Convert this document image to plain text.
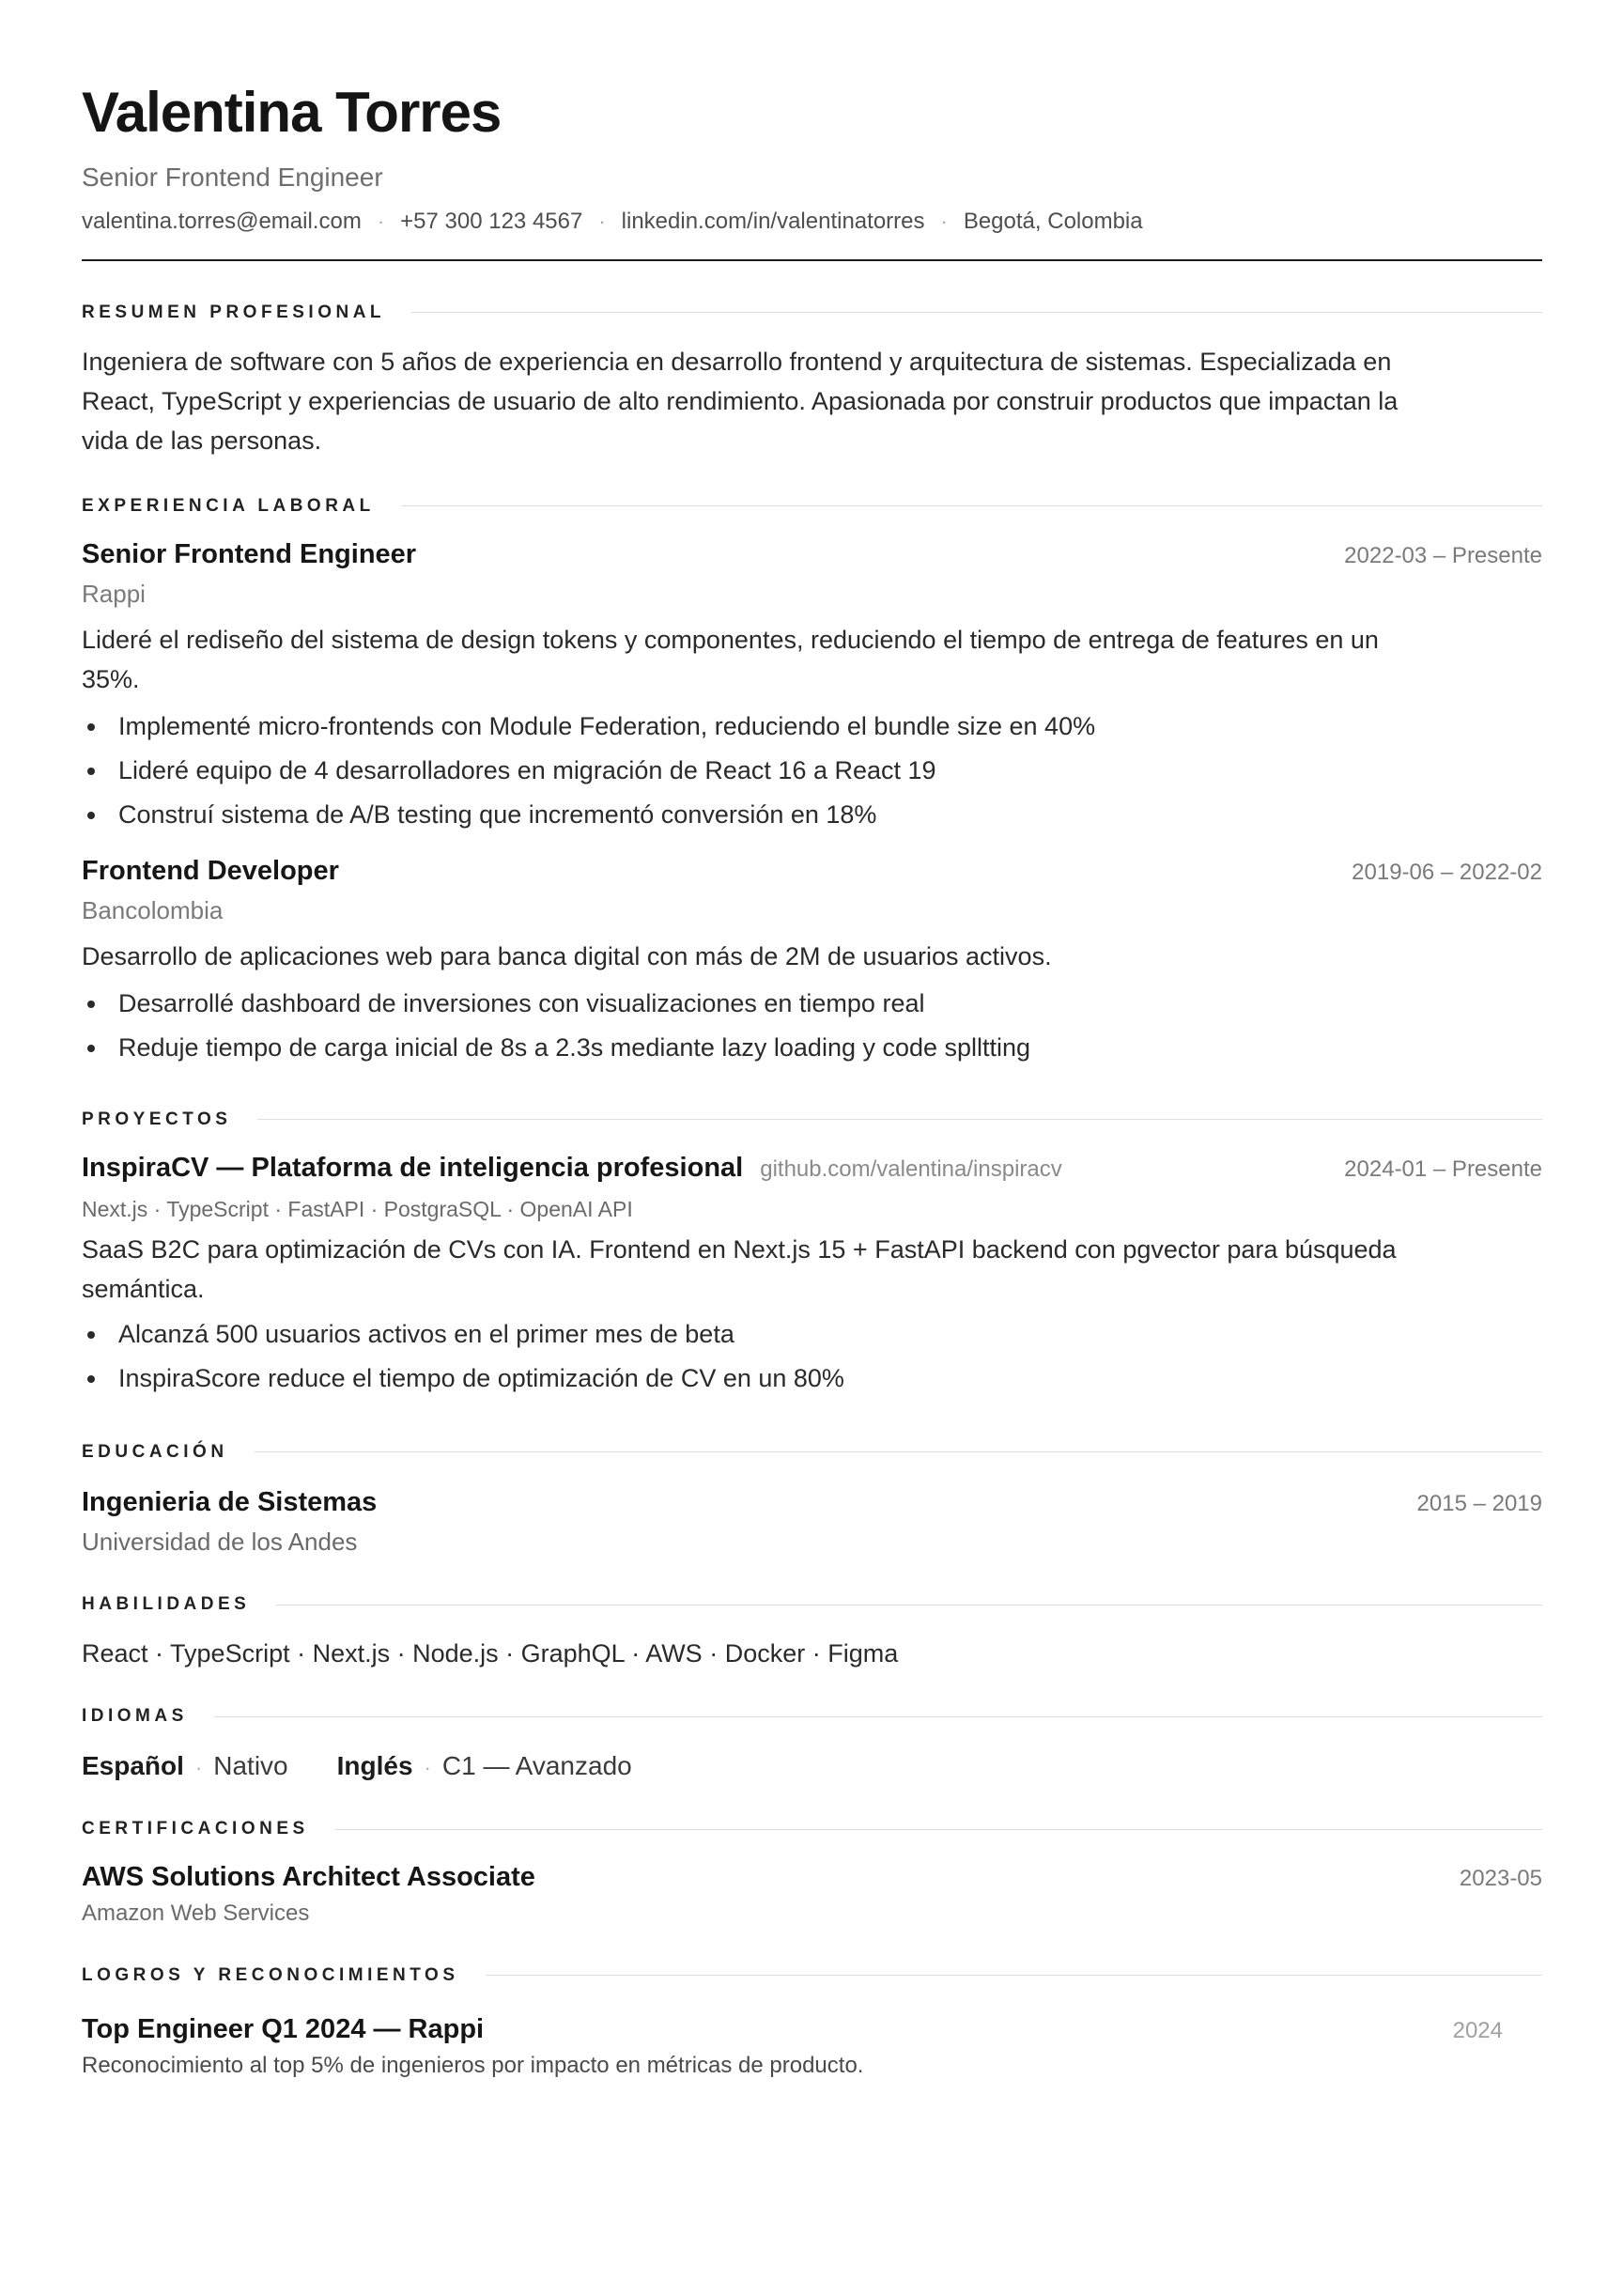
Valentina Torres
Senior Frontend Engineer
valentina.torres@email.com · +57 300 123 4567 · linkedin.com/in/valentinatorres · Begotá, Colombia
RESUMEN PROFESIONAL
Ingeniera de software con 5 años de experiencia en desarrollo frontend y arquitectura de sistemas. Especializada en
React, TypeScript y experiencias de usuario de alto rendimiento. Apasionada por construir productos que impactan la
vida de las personas.
EXPERIENCIA LABORAL
Senior Frontend Engineer	2022-03 – Presente
Rappi
Lideré el rediseño del sistema de design tokens y componentes, reduciendo el tiempo de entrega de features en un
35%.
Implementé micro-frontends con Module Federation, reduciendo el bundle size en 40%
Lideré equipo de 4 desarrolladores en migración de React 16 a React 19
Construí sistema de A/B testing que incrementó conversión en 18%
Frontend Developer	2019-06 – 2022-02
Bancolombia
Desarrollo de aplicaciones web para banca digital con más de 2M de usuarios activos.
Desarrollé dashboard de inversiones con visualizaciones en tiempo real
Reduje tiempo de carga inicial de 8s a 2.3s mediante lazy loading y code splltting
PROYECTOS
InspiraCV — Plataforma de inteligencia profesional github.com/valentina/inspiracv	2024-01 – Presente
Next.js · TypeScript · FastAPI · PostgraSQL · OpenAI API
SaaS B2C para optimización de CVs con IA. Frontend en Next.js 15 + FastAPI backend con pgvector para búsqueda
semántica.
Alcanzá 500 usuarios activos en el primer mes de beta
InspiraScore reduce el tiempo de optimización de CV en un 80%
EDUCACIÓN
Ingenieria de Sistemas	2015 – 2019
Universidad de los Andes
HABILIDADES
React · TypeScript · Next.js · Node.js · GraphQL · AWS · Docker · Figma
IDIOMAS
Español · Nativo Inglés · C1 — Avanzado
CERTIFICACIONES
AWS Solutions Architect Associate	2023-05
Amazon Web Services
LOGROS Y RECONOCIMIENTOS
Top Engineer Q1 2024 — Rappi	2024
Reconocimiento al top 5% de ingenieros por impacto en métricas de producto.
